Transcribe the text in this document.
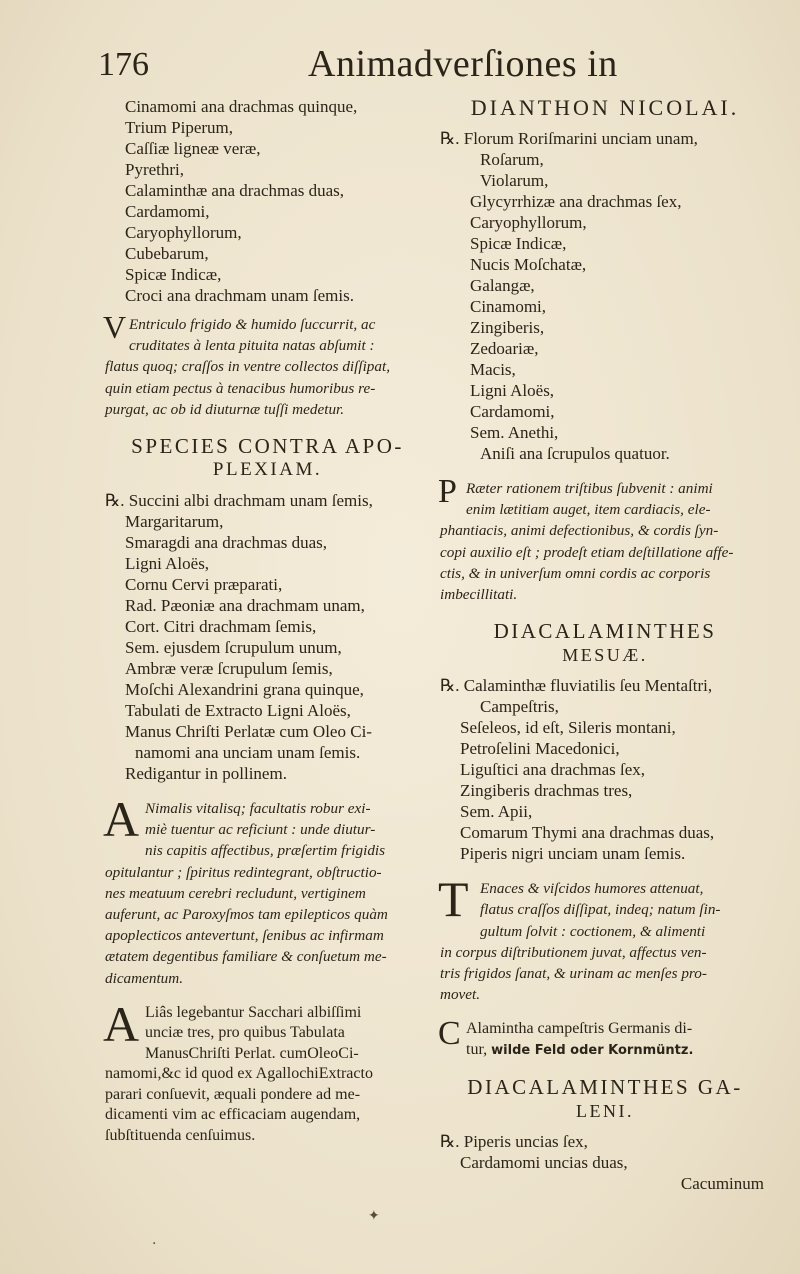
176	Animadverſiones in
Cinamomi ana drachmas quinque,
Trium Piperum,
Caſſiæ ligneæ veræ,
Pyrethri,
Calaminthæ ana drachmas duas,
Cardamomi,
Caryophyllorum,
Cubebarum,
Spicæ Indicæ,
Croci ana drachmam unam ſemis.
V Entriculo frigido & humido ſuccurrit, ac
cruditates à lenta pituita natas abſumit :
flatus quoq; craſſos in ventre collectos diſſipat,
quin etiam pectus à tenacibus humoribus re-
purgat, ac ob id diuturnæ tuſſi medetur.
SPECIES CONTRA APO-
PLEXIAM.
℞. Succini albi drachmam unam ſemis,
Margaritarum,
Smaragdi ana drachmas duas,
Ligni Aloës,
Cornu Cervi præparati,
Rad. Pæoniæ ana drachmam unam,
Cort. Citri drachmam ſemis,
Sem. ejusdem ſcrupulum unum,
Ambræ veræ ſcrupulum ſemis,
Moſchi Alexandrini grana quinque,
Tabulati de Extracto Ligni Aloës,
Manus Chriſti Perlatæ cum Oleo Ci-
namomi ana unciam unam ſemis.
Redigantur in pollinem.
A Nimalis vitalisq; facultatis robur exi-
miè tuentur ac reficiunt : unde diutur-
nis capitis affectibus, præſertim frigidis
opitulantur ; ſpiritus redintegrant, obſtructio-
nes meatuum cerebri recludunt, vertiginem
auferunt, ac Paroxyſmos tam epilepticos quàm
apoplecticos antevertunt, ſenibus ac infirmam
ætatem degentibus familiare & conſuetum me-
dicamentum.
A Liâs legebantur Sacchari albiſſimi
unciæ tres, pro quibus Tabulata
ManusChriſti Perlat. cumOleoCi-
namomi,&c id quod ex AgallochiExtracto
parari conſuevit, æquali pondere ad me-
dicamenti vim ac efficaciam augendam,
ſubſtituenda cenſuimus.
DIANTHON NICOLAI.
℞. Florum Roriſmarini unciam unam,
Roſarum,
Violarum,
Glycyrrhizæ ana drachmas ſex,
Caryophyllorum,
Spicæ Indicæ,
Nucis Moſchatæ,
Galangæ,
Cinamomi,
Zingiberis,
Zedoariæ,
Macis,
Ligni Aloës,
Cardamomi,
Sem. Anethi,
Aniſi ana ſcrupulos quatuor.
P Ræter rationem triſtibus ſubvenit : animi
enim lætitiam auget, item cardiacis, ele-
phantiacis, animi defectionibus, & cordis ſyn-
copi auxilio eſt ; prodeſt etiam deſtillatione affe-
ctis, & in univerſum omni cordis ac corporis
imbecillitati.
DIACALAMINTHES
MESUÆ.
℞. Calaminthæ fluviatilis ſeu Mentaſtri,
Campeſtris,
Seſeleos, id eſt, Sileris montani,
Petroſelini Macedonici,
Liguſtici ana drachmas ſex,
Zingiberis drachmas tres,
Sem. Apii,
Comarum Thymi ana drachmas duas,
Piperis nigri unciam unam ſemis.
T Enaces & viſcidos humores attenuat,
flatus craſſos diſſipat, indeq; natum ſin-
gultum ſolvit : coctionem, & alimenti
in corpus diſtributionem juvat, affectus ven-
tris frigidos ſanat, & urinam ac menſes pro-
movet.
C Alamintha campeſtris Germanis di-
tur, wilde Feld oder Kornmüntz.
DIACALAMINTHES GA-
LENI.
℞. Piperis uncias ſex,
Cardamomi uncias duas,
Cacuminum
✦
·
